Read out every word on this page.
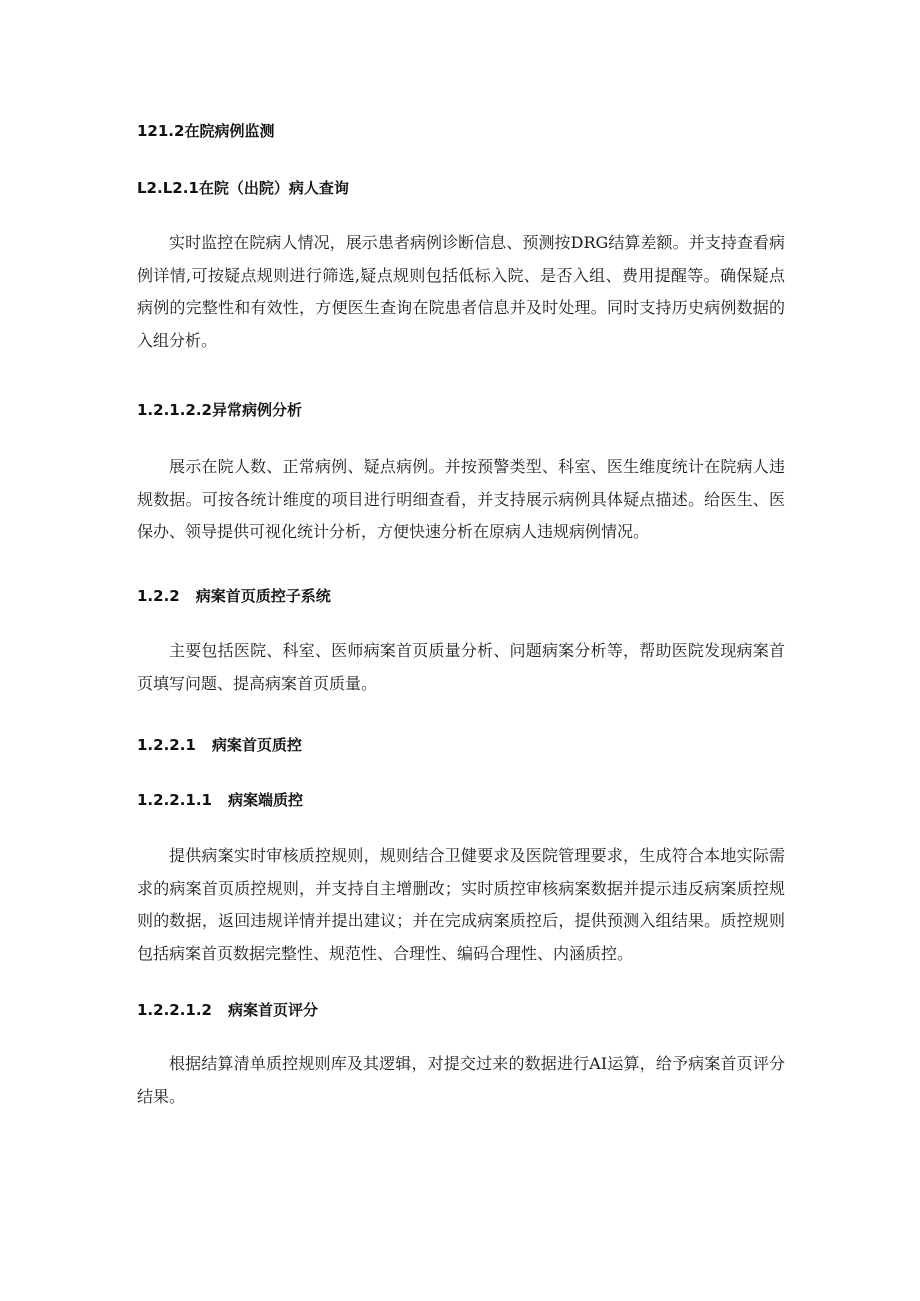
121.2在院病例监测
L2.L2.1在院（出院）病人查询

实时监控在院病人情况，展示患者病例诊断信息、预测按DRG结算差额。并支持查看病例详情,可按疑点规则进行筛选,疑点规则包括低标入院、是否入组、费用提醒等。确保疑点病例的完整性和有效性，方便医生查询在院患者信息并及时处理。同时支持历史病例数据的入组分析。

1.2.1.2.2异常病例分析

展示在院人数、正常病例、疑点病例。并按预警类型、科室、医生维度统计在院病人违规数据。可按各统计维度的项目进行明细查看，并支持展示病例具体疑点描述。给医生、医保办、领导提供可视化统计分析，方便快速分析在原病人违规病例情况。

1.2.2 病案首页质控子系统

主要包括医院、科室、医师病案首页质量分析、问题病案分析等，帮助医院发现病案首页填写问题、提高病案首页质量。

1.2.2.1 病案首页质控
1.2.2.1.1 病案端质控

提供病案实时审核质控规则，规则结合卫健要求及医院管理要求，生成符合本地实际需求的病案首页质控规则，并支持自主增删改；实时质控审核病案数据并提示违反病案质控规则的数据，返回违规详情并提出建议；并在完成病案质控后，提供预测入组结果。质控规则包括病案首页数据完整性、规范性、合理性、编码合理性、内涵质控。

1.2.2.1.2 病案首页评分

根据结算清单质控规则库及其逻辑，对提交过来的数据进行AI运算，给予病案首页评分结果。
